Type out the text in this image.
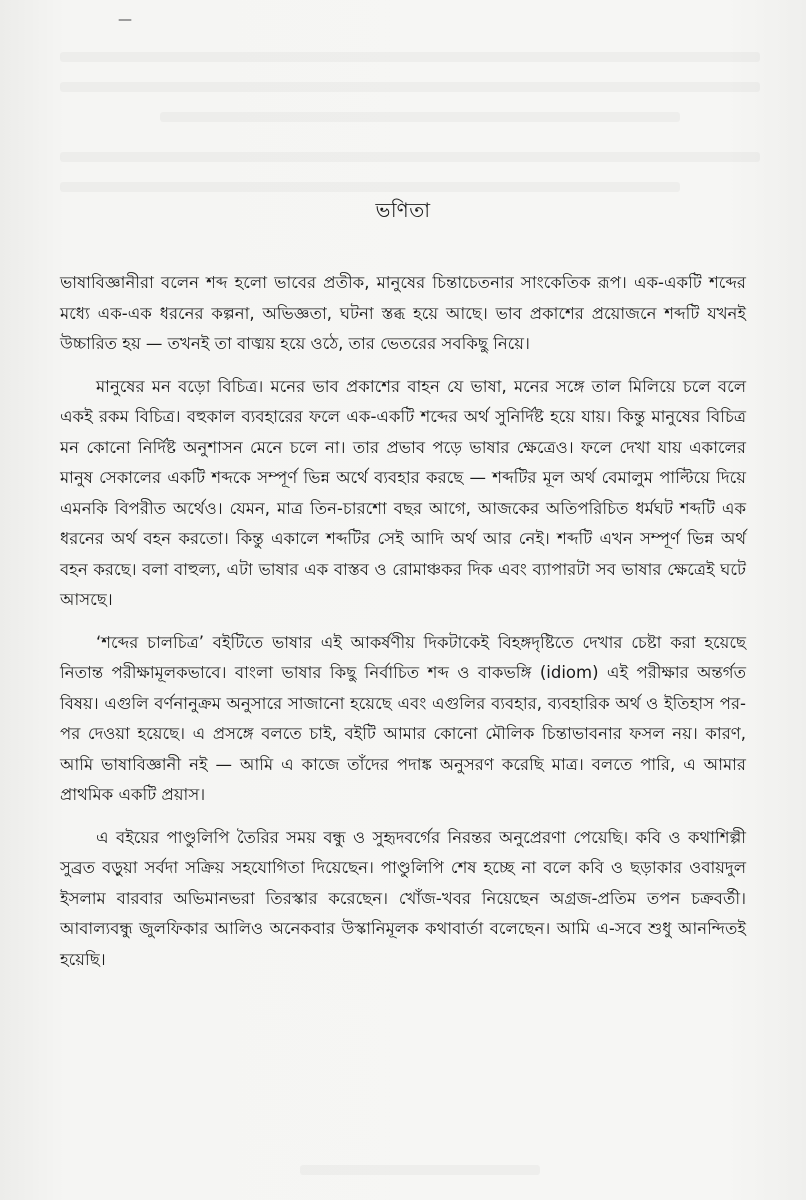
—
ভণিতা

ভাষাবিজ্ঞানীরা বলেন শব্দ হলো ভাবের প্রতীক, মানুষের চিন্তাচেতনার সাংকেতিক রূপ। এক-একটি শব্দের মধ্যে এক-এক ধরনের কল্পনা, অভিজ্ঞতা, ঘটনা স্তব্ধ হয়ে আছে। ভাব প্রকাশের প্রয়োজনে শব্দটি যখনই উচ্চারিত হয় — তখনই তা বাঙ্ময় হয়ে ওঠে, তার ভেতরের সবকিছু নিয়ে।

মানুষের মন বড়ো বিচিত্র। মনের ভাব প্রকাশের বাহন যে ভাষা, মনের সঙ্গে তাল মিলিয়ে চলে বলে একই রকম বিচিত্র। বহুকাল ব্যবহারের ফলে এক-একটি শব্দের অর্থ সুনির্দিষ্ট হয়ে যায়। কিন্তু মানুষের বিচিত্র মন কোনো নির্দিষ্ট অনুশাসন মেনে চলে না। তার প্রভাব পড়ে ভাষার ক্ষেত্রেও। ফলে দেখা যায় একালের মানুষ সেকালের একটি শব্দকে সম্পূর্ণ ভিন্ন অর্থে ব্যবহার করছে — শব্দটির মূল অর্থ বেমালুম পাল্টিয়ে দিয়ে এমনকি বিপরীত অর্থেও। যেমন, মাত্র তিন-চারশো বছর আগে, আজকের অতিপরিচিত ধর্মঘট শব্দটি এক ধরনের অর্থ বহন করতো। কিন্তু একালে শব্দটির সেই আদি অর্থ আর নেই। শব্দটি এখন সম্পূর্ণ ভিন্ন অর্থ বহন করছে। বলা বাহুল্য, এটা ভাষার এক বাস্তব ও রোমাঞ্চকর দিক এবং ব্যাপারটা সব ভাষার ক্ষেত্রেই ঘটে আসছে।

‘শব্দের চালচিত্র’ বইটিতে ভাষার এই আকর্ষণীয় দিকটাকেই বিহঙ্গদৃষ্টিতে দেখার চেষ্টা করা হয়েছে নিতান্ত পরীক্ষামূলকভাবে। বাংলা ভাষার কিছু নির্বাচিত শব্দ ও বাকভঙ্গি (idiom) এই পরীক্ষার অন্তর্গত বিষয়। এগুলি বর্ণনানুক্রম অনুসারে সাজানো হয়েছে এবং এগুলির ব্যবহার, ব্যবহারিক অর্থ ও ইতিহাস পর-পর দেওয়া হয়েছে। এ প্রসঙ্গে বলতে চাই, বইটি আমার কোনো মৌলিক চিন্তাভাবনার ফসল নয়। কারণ, আমি ভাষাবিজ্ঞানী নই — আমি এ কাজে তাঁদের পদাঙ্ক অনুসরণ করেছি মাত্র। বলতে পারি, এ আমার প্রাথমিক একটি প্রয়াস।

এ বইয়ের পাণ্ডুলিপি তৈরির সময় বন্ধু ও সুহৃদবর্গের নিরন্তর অনুপ্রেরণা পেয়েছি। কবি ও কথাশিল্পী সুব্রত বড়ুয়া সর্বদা সক্রিয় সহযোগিতা দিয়েছেন। পাণ্ডুলিপি শেষ হচ্ছে না বলে কবি ও ছড়াকার ওবায়দুল ইসলাম বারবার অভিমানভরা তিরস্কার করেছেন। খোঁজ-খবর নিয়েছেন অগ্রজ-প্রতিম তপন চক্রবর্তী। আবাল্যবন্ধু জুলফিকার আলিও অনেকবার উস্কানিমূলক কথাবার্তা বলেছেন। আমি এ-সবে শুধু আনন্দিতই হয়েছি।
